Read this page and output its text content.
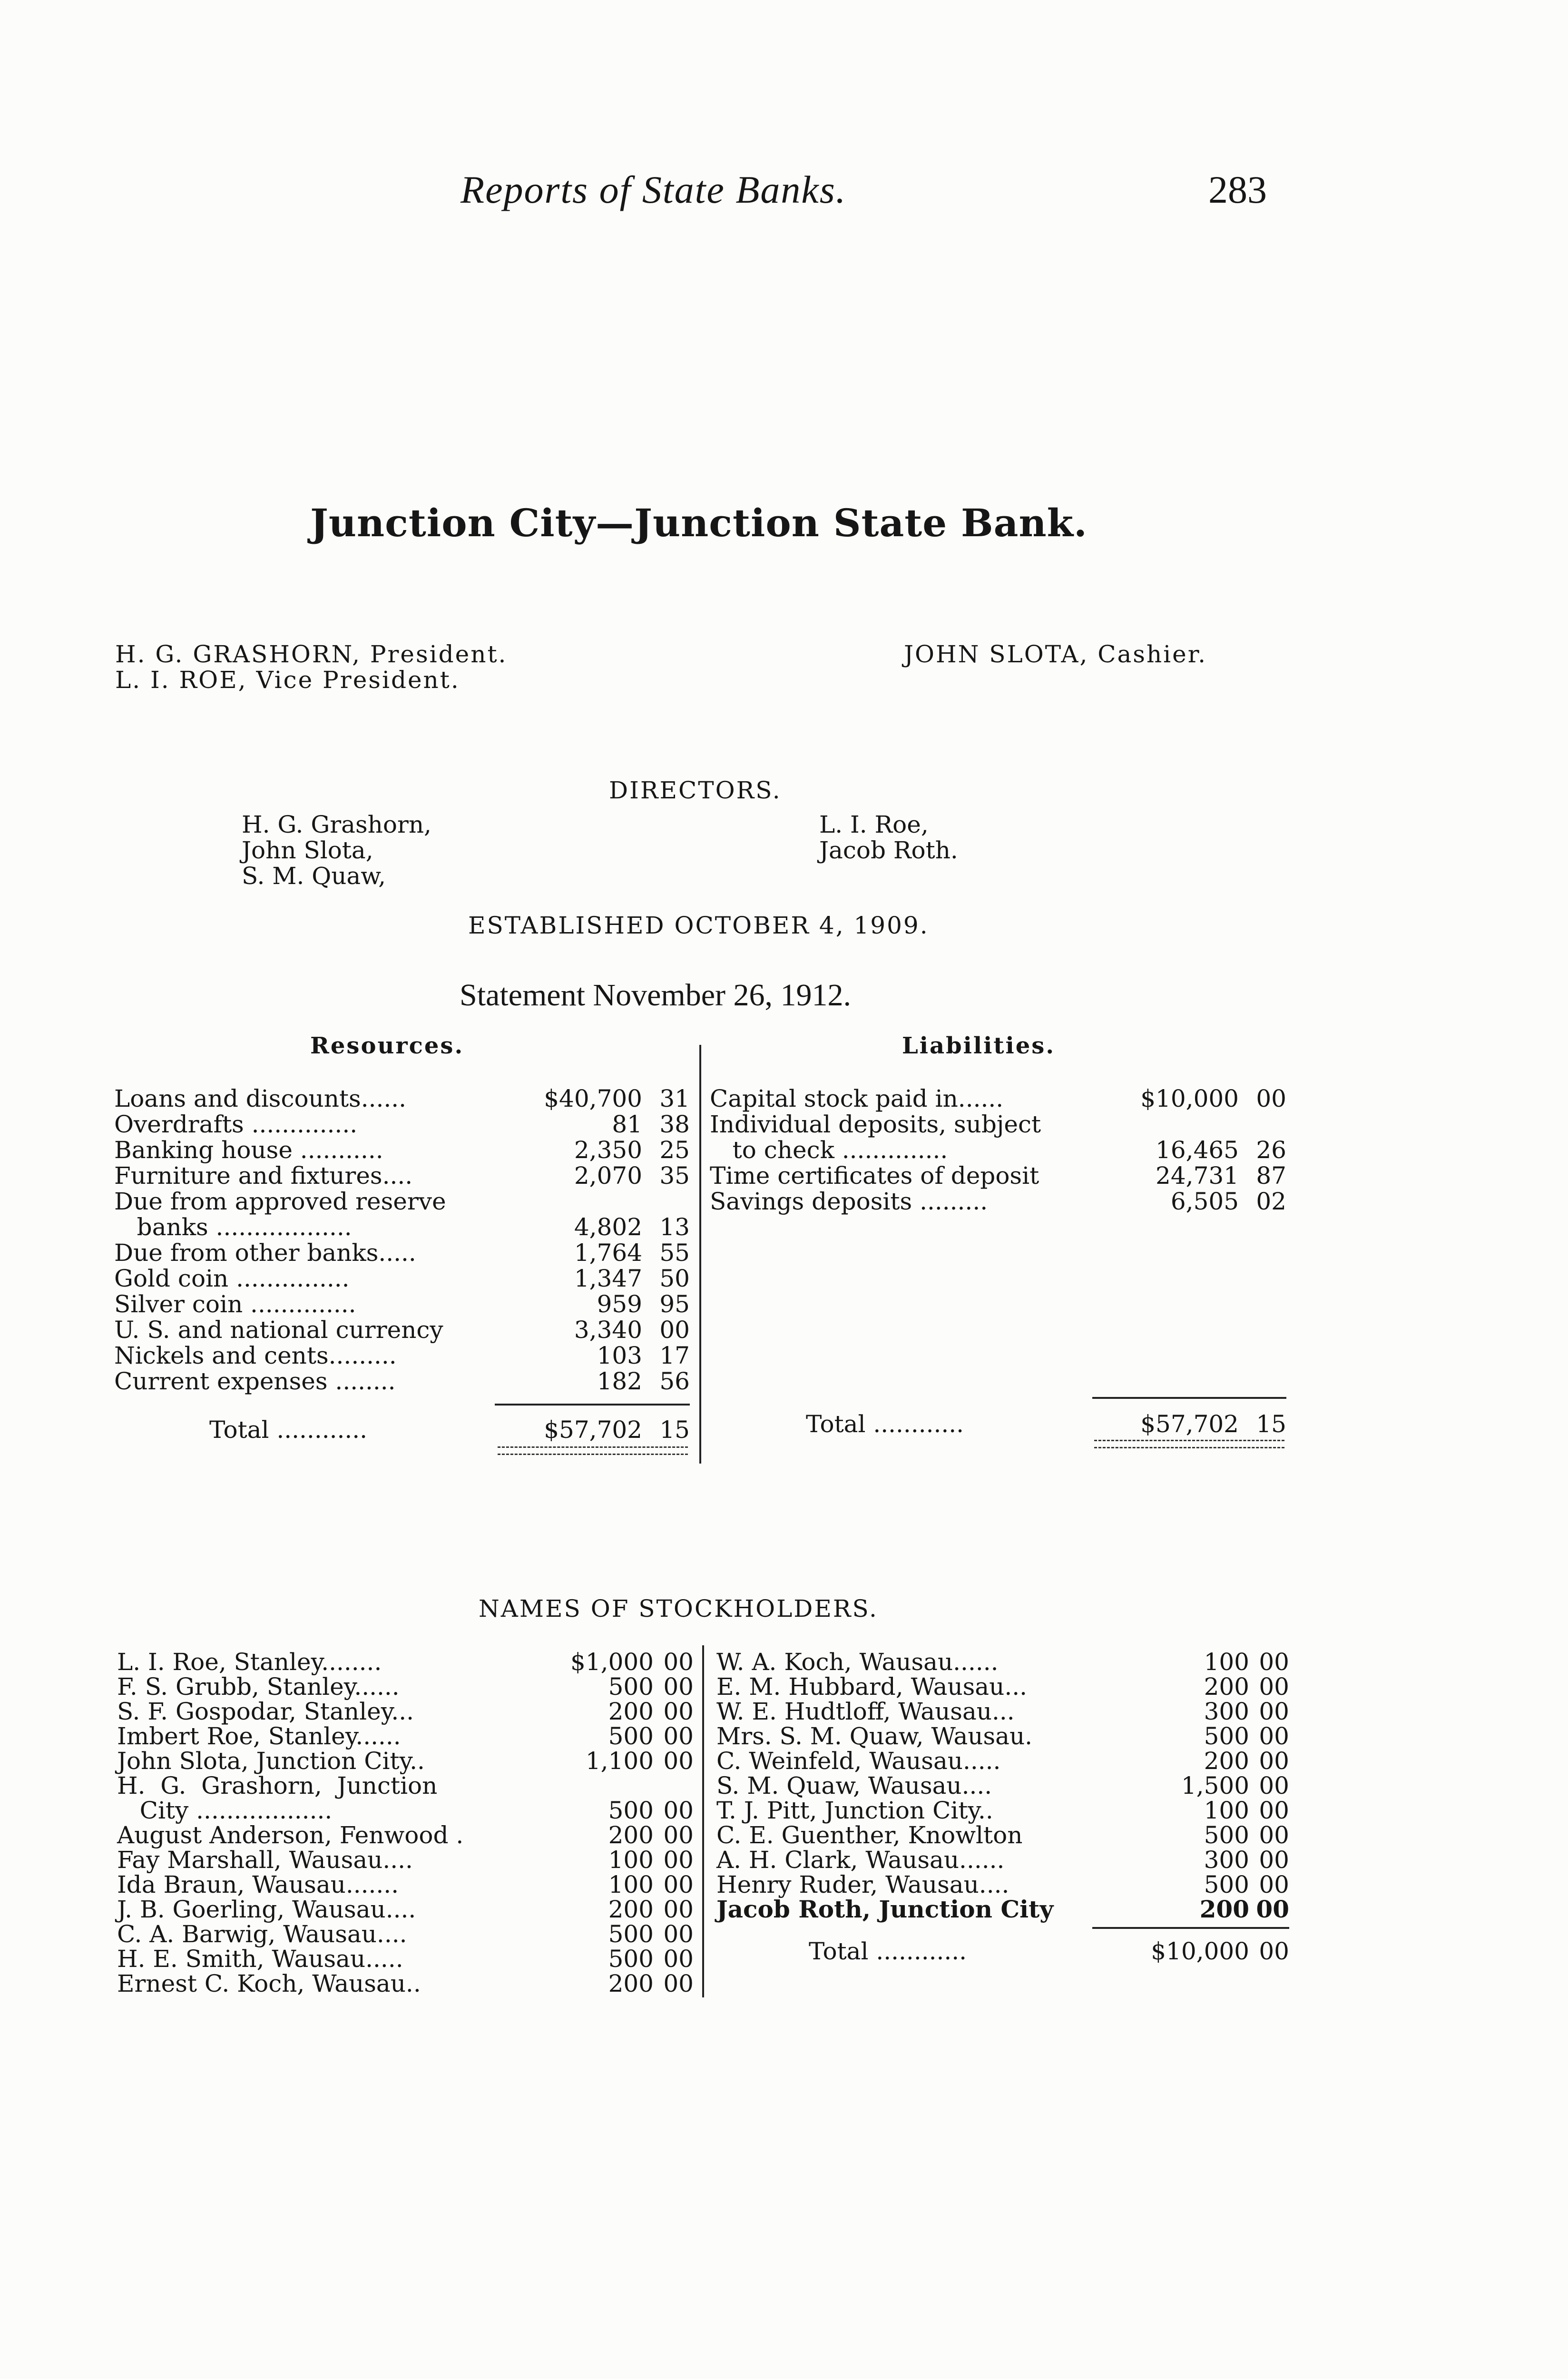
Reports of State Banks.	283
Junction City—Junction State Bank.
H. G. GRASHORN, President.
L. I. ROE, Vice President.
JOHN SLOTA, Cashier.
DIRECTORS.
H. G. Grashorn,
John Slota,
S. M. Quaw,
L. I. Roe,
Jacob Roth.
ESTABLISHED OCTOBER 4, 1909.
Statement November 26, 1912.
Resources.	Liabilities.
Loans and discounts......	$40,700 31
Overdrafts ..............	81 38
Banking house ...........	2,350 25
Furniture and fixtures....	2,070 35
Due from approved reserve
banks ..................	4,802 13
Due from other banks.....	1,764 55
Gold coin ...............	1,347 50
Silver coin ..............	959 95
U. S. and national currency	3,340 00
Nickels and cents.........	103 17
Current expenses ........	182 56
Total ............	$57,702 15
Capital stock paid in......	$10,000 00
Individual deposits, subject
to check ..............	16,465 26
Time certificates of deposit	24,731 87
Savings deposits .........	6,505 02
Total ............	$57,702 15
NAMES OF STOCKHOLDERS.
L. I. Roe, Stanley........	$1,000 00
F. S. Grubb, Stanley......	500 00
S. F. Gospodar, Stanley...	200 00
Imbert Roe, Stanley......	500 00
John Slota, Junction City..	1,100 00
H.  G.  Grashorn,  Junction
City ..................	500 00
August Anderson, Fenwood .	200 00
Fay Marshall, Wausau....	100 00
Ida Braun, Wausau.......	100 00
J. B. Goerling, Wausau....	200 00
C. A. Barwig, Wausau....	500 00
H. E. Smith, Wausau.....	500 00
Ernest C. Koch, Wausau..	200 00
W. A. Koch, Wausau......	100 00
E. M. Hubbard, Wausau...	200 00
W. E. Hudtloff, Wausau...	300 00
Mrs. S. M. Quaw, Wausau.	500 00
C. Weinfeld, Wausau.....	200 00
S. M. Quaw, Wausau....	1,500 00
T. J. Pitt, Junction City..	100 00
C. E. Guenther, Knowlton	500 00
A. H. Clark, Wausau......	300 00
Henry Ruder, Wausau....	500 00
Jacob Roth, Junction City	200 00
Total ............	$10,000 00
